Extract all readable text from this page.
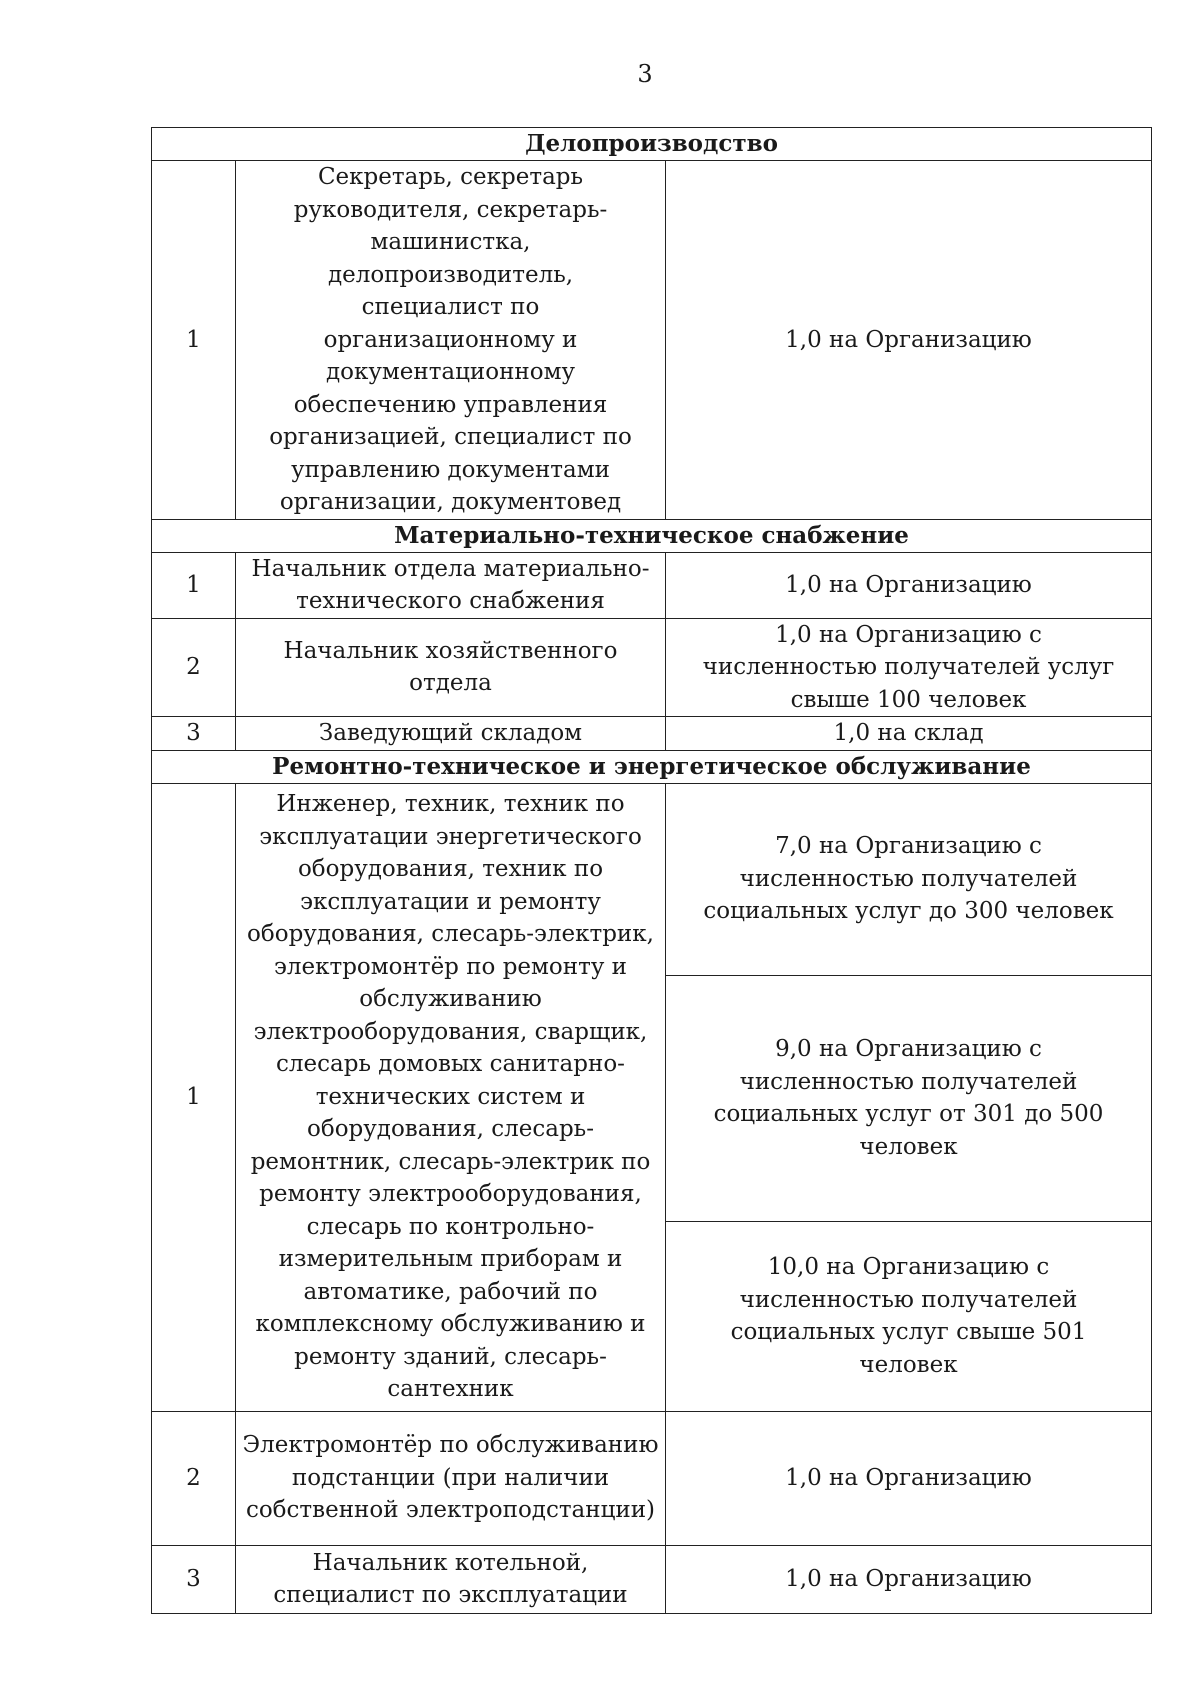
3
Делопроизводство		
1	Секретарь, секретарь руководителя, секретарь-машинистка, делопроизводитель, специалист по организационному и документационному обеспечению управления организацией, специалист по управлению документами организации, документовед	1,0 на Организацию

Материально-техническое снабжение		
1	Начальник отдела материально-технического снабжения	1,0 на Организацию

2	Начальник хозяйственного отдела	1,0 на Организацию с численностью получателей услуг свыше 100 человек

3	Заведующий складом	1,0 на склад

Ремонтно-техническое и энергетическое обслуживание		
1	Инженер, техник, техник по эксплуатации энергетического оборудования, техник по эксплуатации и ремонту оборудования, слесарь-электрик, электромонтёр по ремонту и обслуживанию электрооборудования, сварщик, слесарь домовых санитарно-технических систем и оборудования, слесарь-ремонтник, слесарь-электрик по ремонту электрооборудования, слесарь по контрольно-измерительным приборам и автоматике, рабочий по комплексному обслуживанию и ремонту зданий, слесарь-сантехник	7,0 на Организацию с численностью получателей социальных услуг до 300 человек

		9,0 на Организацию с численностью получателей социальных услуг от 301 до 500 человек

		10,0 на Организацию с численностью получателей социальных услуг свыше 501 человек

2	Электромонтёр по обслуживанию подстанции (при наличии собственной электроподстанции)	1,0 на Организацию

3	Начальник котельной, специалист по эксплуатации	1,0 на Организацию
